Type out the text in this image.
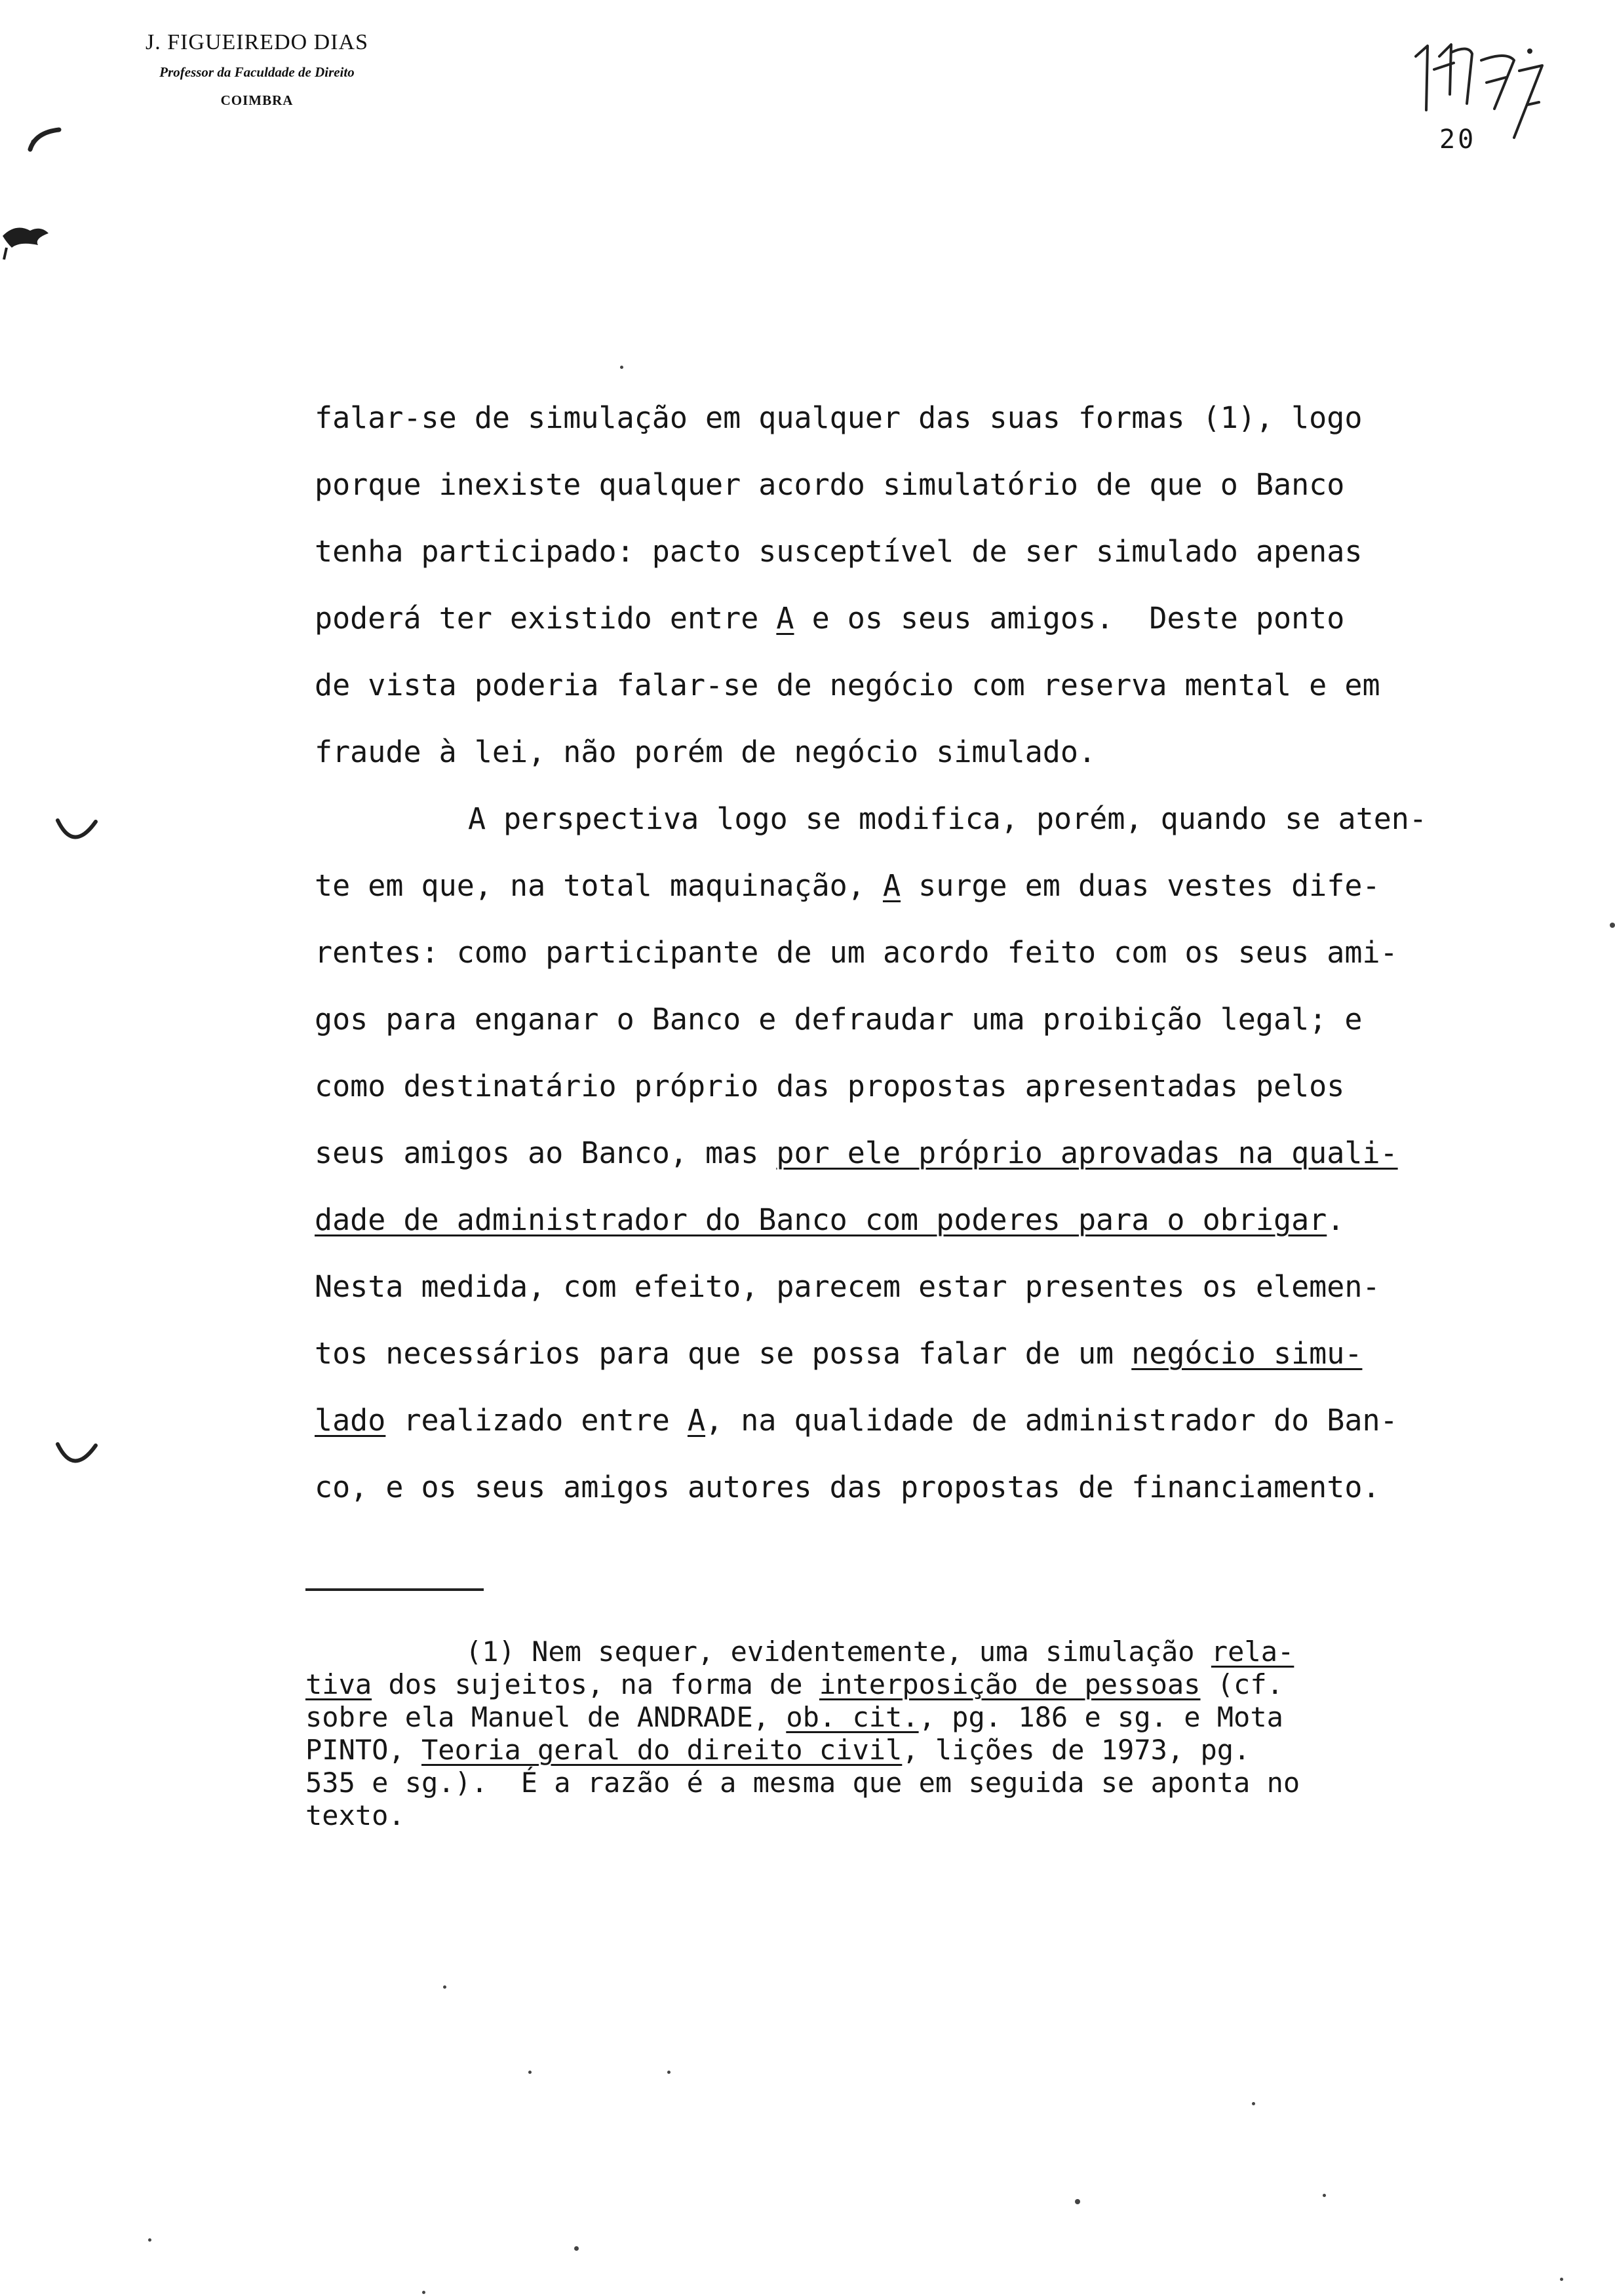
J. FIGUEIREDO DIAS
Professor da Faculdade de Direito
COIMBRA
20
falar-se de simulação em qualquer das suas formas (1), logo
porque inexiste qualquer acordo simulatório de que o Banco
tenha participado: pacto susceptível de ser simulado apenas
poderá ter existido entre A e os seus amigos.  Deste ponto
de vista poderia falar-se de negócio com reserva mental e em
fraude à lei, não porém de negócio simulado.
A perspectiva logo se modifica, porém, quando se aten-
te em que, na total maquinação, A surge em duas vestes dife-
rentes: como participante de um acordo feito com os seus ami-
gos para enganar o Banco e defraudar uma proibição legal; e
como destinatário próprio das propostas apresentadas pelos
seus amigos ao Banco, mas por ele próprio aprovadas na quali-
dade de administrador do Banco com poderes para o obrigar.
Nesta medida, com efeito, parecem estar presentes os elemen-
tos necessários para que se possa falar de um negócio simu-
lado realizado entre A, na qualidade de administrador do Ban-
co, e os seus amigos autores das propostas de financiamento.
(1) Nem sequer, evidentemente, uma simulação rela-
tiva dos sujeitos, na forma de interposição de pessoas (cf.
sobre ela Manuel de ANDRADE, ob. cit., pg. 186 e sg. e Mota
PINTO, Teoria geral do direito civil, lições de 1973, pg.
535 e sg.).  É a razão é a mesma que em seguida se aponta no
texto.
